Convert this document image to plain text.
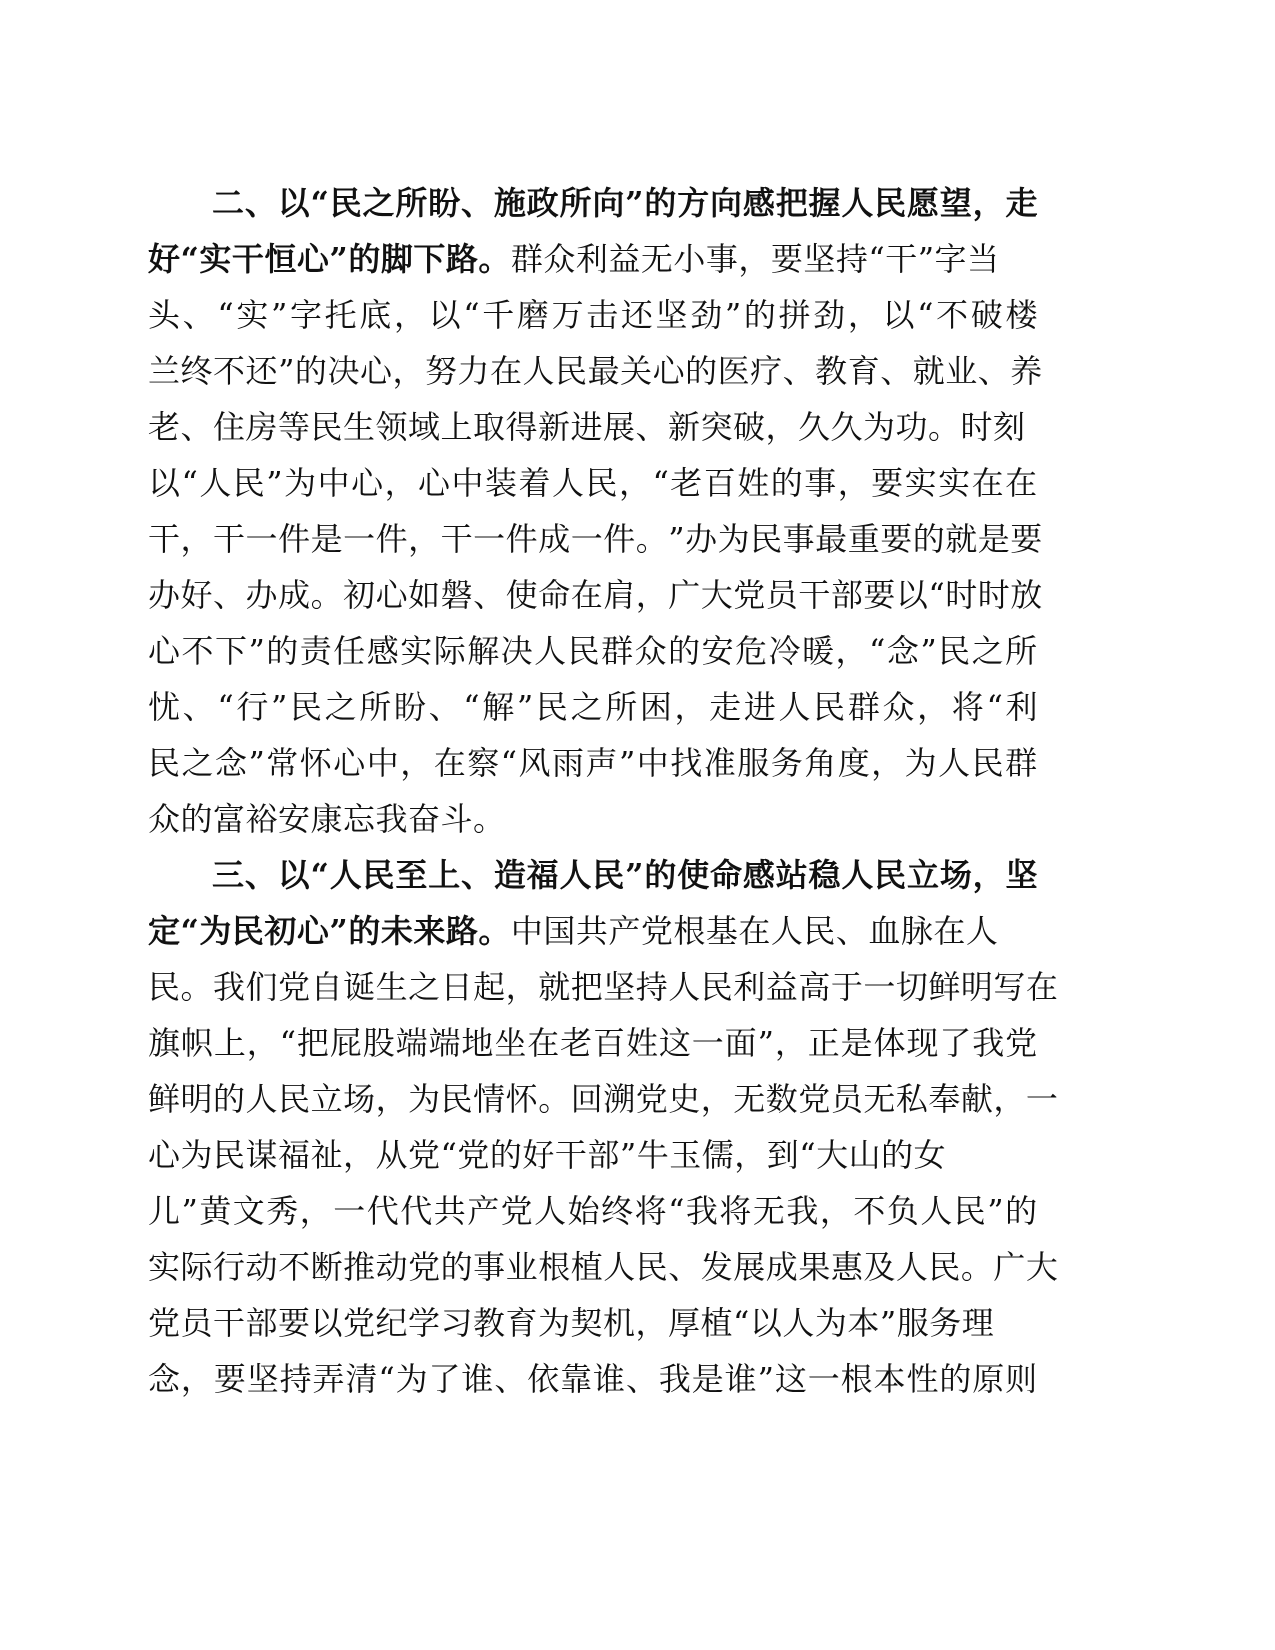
二 、 以 “ 民 之 所 盼 、 施 政 所 向 ” 的 方 向 感 把 握 人 民 愿 望 ， 走
好“实干恒心”的脚下路。群众利益无小事，要坚持“干”字当
头 、 “ 实 ” 字 托 底 ， 以 “ 千 磨 万 击 还 坚 劲 ” 的 拼 劲 ， 以 “ 不 破 楼
兰 终 不 还 ” 的 决 心 ， 努 力 在 人 民 最 关 心 的 医 疗 、 教 育 、 就 业 、 养
老、住房等民生领域上取得新进展、新突破，久久为功。时刻
以 “ 人 民 ” 为 中 心 ， 心 中 装 着 人 民 ， “ 老 百 姓 的 事 ， 要 实 实 在 在
干 ， 干 一 件 是 一 件 ， 干 一 件 成 一 件 。 ” 办 为 民 事 最 重 要 的 就 是 要
办 好 、 办 成 。 初 心 如 磐 、 使 命 在 肩 ， 广 大 党 员 干 部 要 以 “ 时 时 放
心 不 下 ” 的 责 任 感 实 际 解 决 人 民 群 众 的 安 危 冷 暖 ， “ 念 ” 民 之 所
忧 、 “ 行 ” 民 之 所 盼 、 “ 解 ” 民 之 所 困 ， 走 进 人 民 群 众 ， 将 “ 利
民 之 念 ” 常 怀 心 中 ， 在 察 “ 风 雨 声 ” 中 找 准 服 务 角 度 ， 为 人 民 群
众的富裕安康忘我奋斗。
三 、 以 “ 人 民 至 上 、 造 福 人 民 ” 的 使 命 感 站 稳 人 民 立 场 ， 坚
定“为民初心”的未来路。中国共产党根基在人民、血脉在人
民 。 我 们 党 自 诞 生 之 日 起 ， 就 把 坚 持 人 民 利 益 高 于 一 切 鲜 明 写 在
旗 帜 上 ， “ 把 屁 股 端 端 地 坐 在 老 百 姓 这 一 面 ” ， 正 是 体 现 了 我 党
鲜 明 的 人 民 立 场 ， 为 民 情 怀 。 回 溯 党 史 ， 无 数 党 员 无 私 奉 献 ， 一
心为民谋福祉，从党“党的好干部”牛玉儒，到“大山的女
儿 ” 黄 文 秀 ， 一 代 代 共 产 党 人 始 终 将 “ 我 将 无 我 ， 不 负 人 民 ” 的
实 际 行 动 不 断 推 动 党 的 事 业 根 植 人 民 、 发 展 成 果 惠 及 人 民 。 广 大
党员干部要以党纪学习教育为契机，厚植“以人为本”服务理
念 ， 要 坚 持 弄 清 “ 为 了 谁 、 依 靠 谁 、 我 是 谁 ” 这 一 根 本 性 的 原 则
